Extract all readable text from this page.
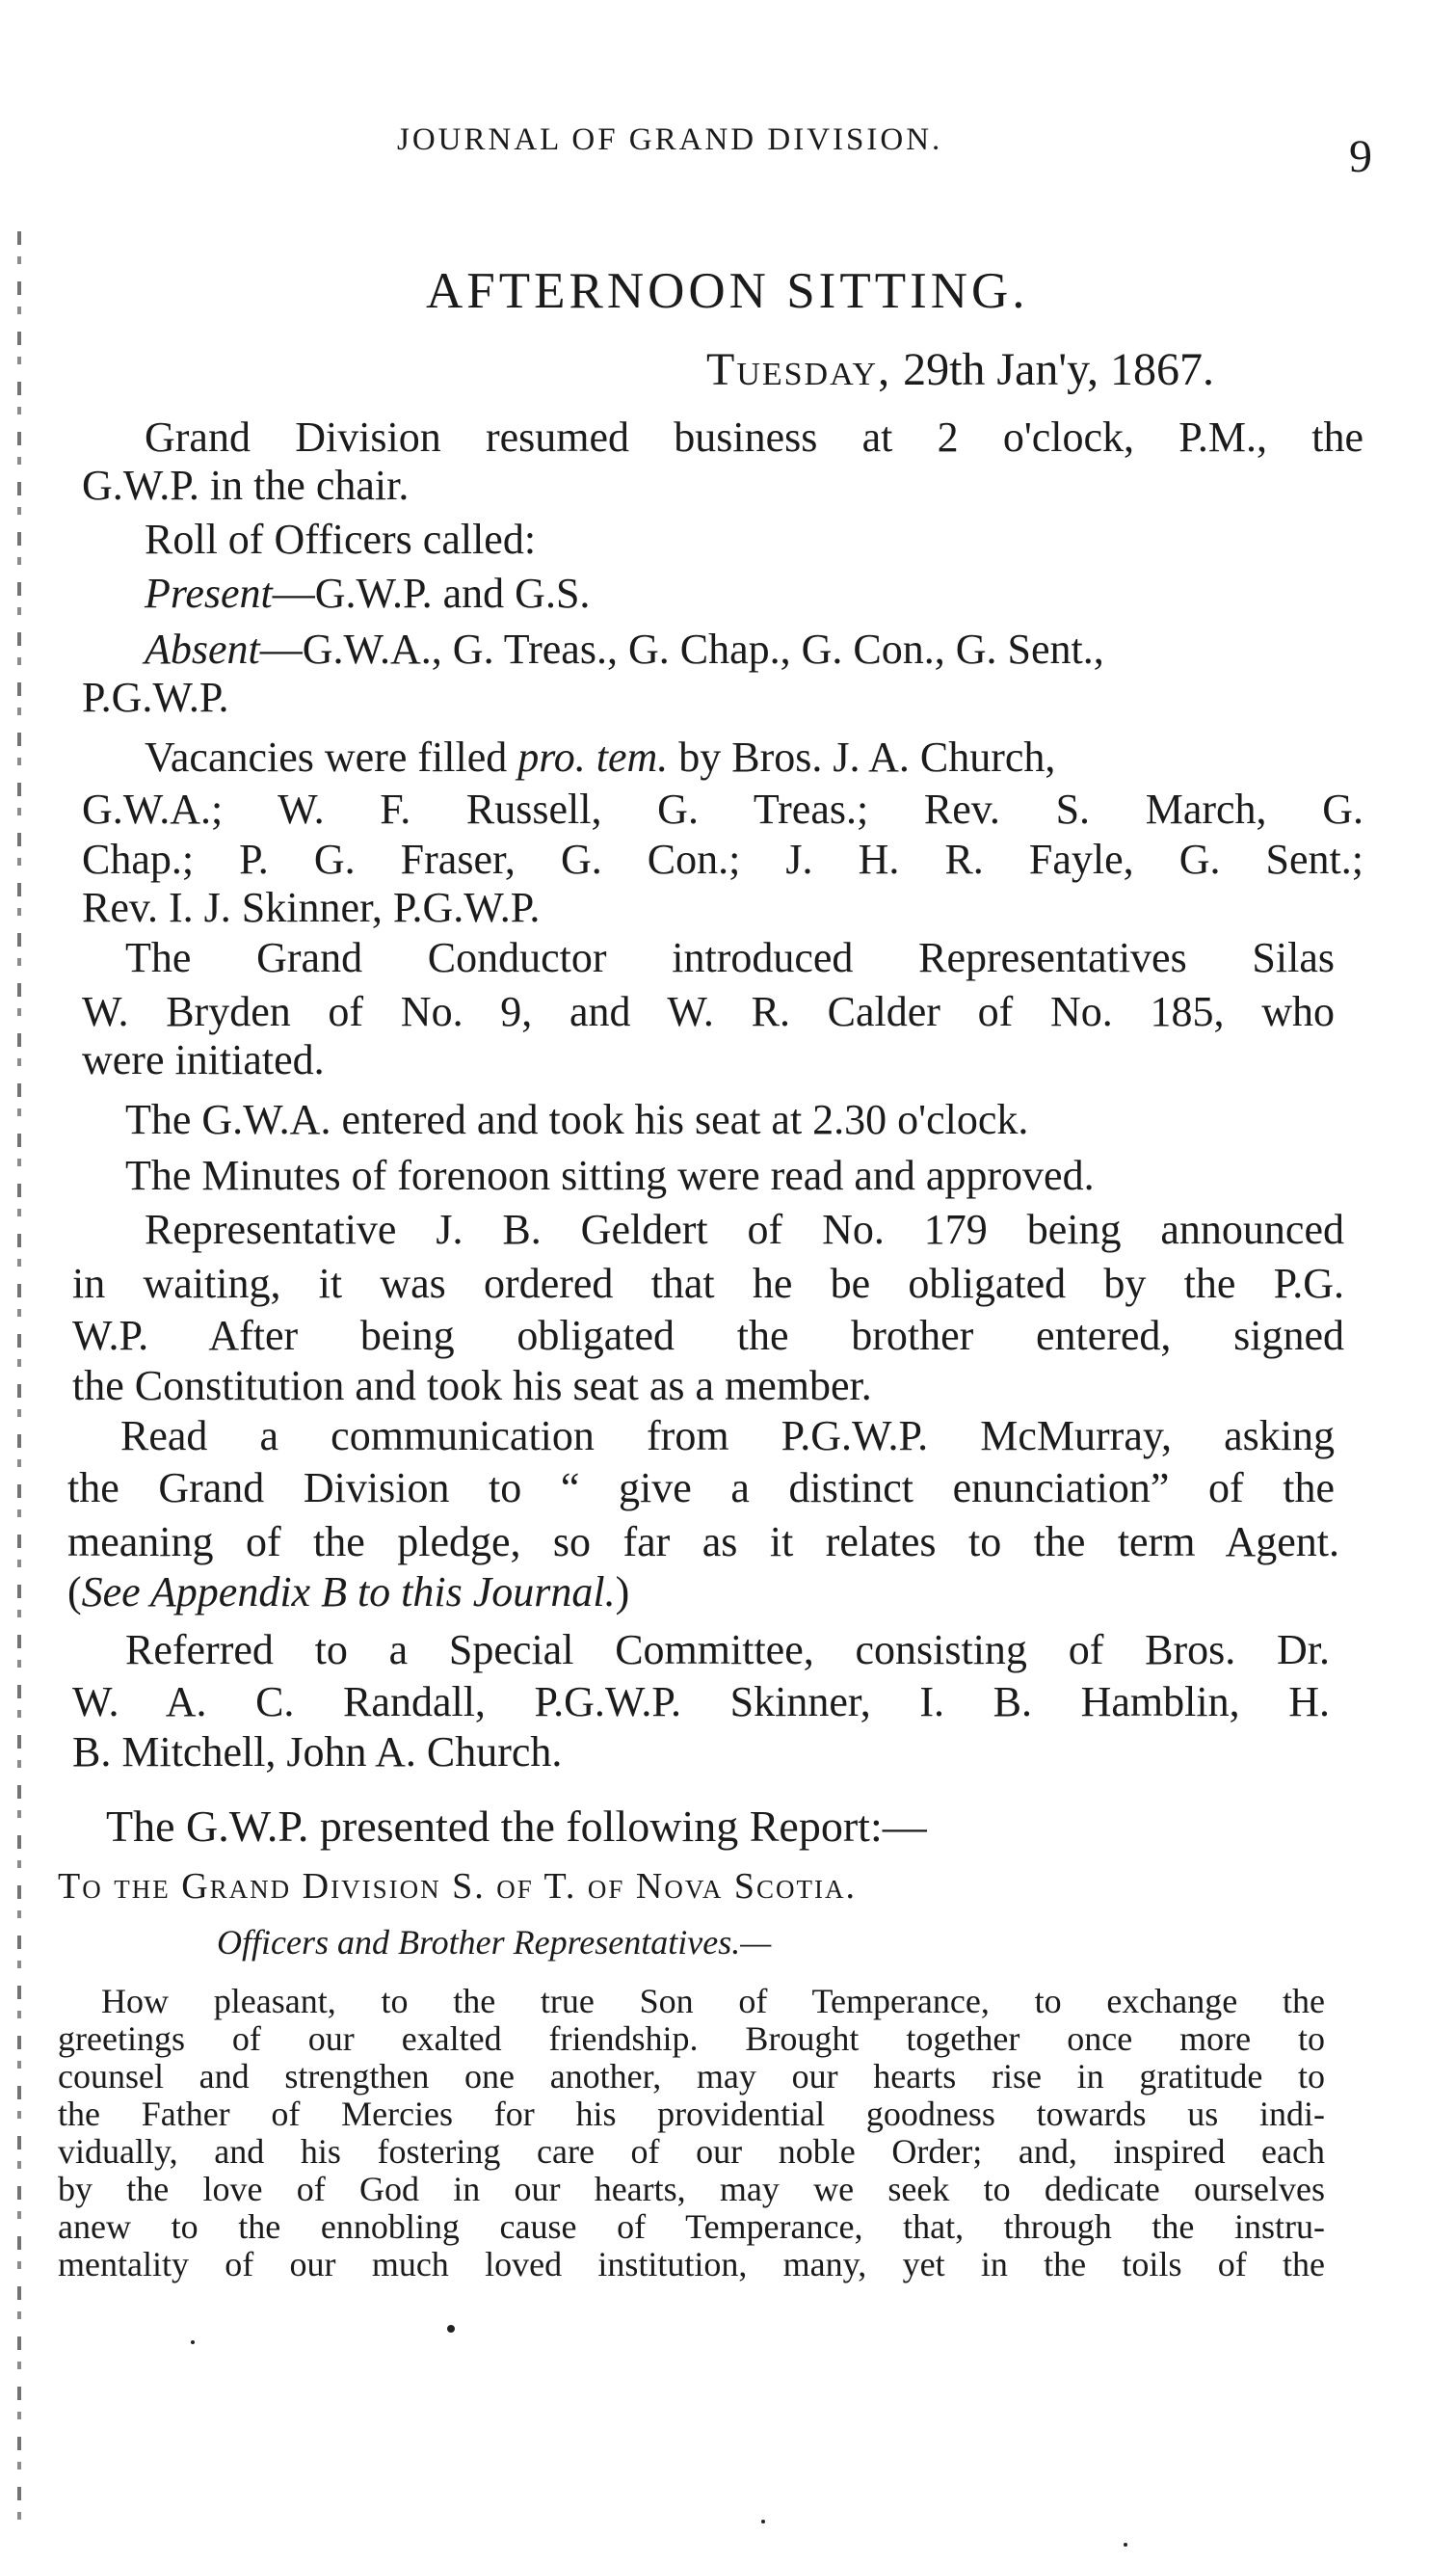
JOURNAL OF GRAND DIVISION.	9
AFTERNOON SITTING.
Tuesday, 29th Jan'y, 1867.
Grand Division resumed business at 2 o'clock, P.M., the
G.W.P. in the chair.
Roll of Officers called:
Present—G.W.P. and G.S.
Absent—G.W.A., G. Treas., G. Chap., G. Con., G. Sent.,
P.G.W.P.
Vacancies were filled pro. tem. by Bros. J. A. Church,
G.W.A.; W. F. Russell, G. Treas.; Rev. S. March, G.
Chap.; P. G. Fraser, G. Con.; J. H. R. Fayle, G. Sent.;
Rev. I. J. Skinner, P.G.W.P.
The Grand Conductor introduced Representatives Silas
W. Bryden of No. 9, and W. R. Calder of No. 185, who
were initiated.
The G.W.A. entered and took his seat at 2.30 o'clock.
The Minutes of forenoon sitting were read and approved.
Representative J. B. Geldert of No. 179 being announced
in waiting, it was ordered that he be obligated by the P.G.
W.P. After being obligated the brother entered, signed
the Constitution and took his seat as a member.
Read a communication from P.G.W.P. McMurray, asking
the Grand Division to “ give a distinct enunciation” of the
meaning of the pledge, so far as it relates to the term Agent.
(See Appendix B to this Journal.)
Referred to a Special Committee, consisting of Bros. Dr.
W. A. C. Randall, P.G.W.P. Skinner, I. B. Hamblin, H.
B. Mitchell, John A. Church.
The G.W.P. presented the following Report:—
To the Grand Division S. of T. of Nova Scotia.
Officers and Brother Representatives.—
How pleasant, to the true Son of Temperance, to exchange the
greetings of our exalted friendship. Brought together once more to
counsel and strengthen one another, may our hearts rise in gratitude to
the Father of Mercies for his providential goodness towards us indi-
vidually, and his fostering care of our noble Order; and, inspired each
by the love of God in our hearts, may we seek to dedicate ourselves
anew to the ennobling cause of Temperance, that, through the instru-
mentality of our much loved institution, many, yet in the toils of the
